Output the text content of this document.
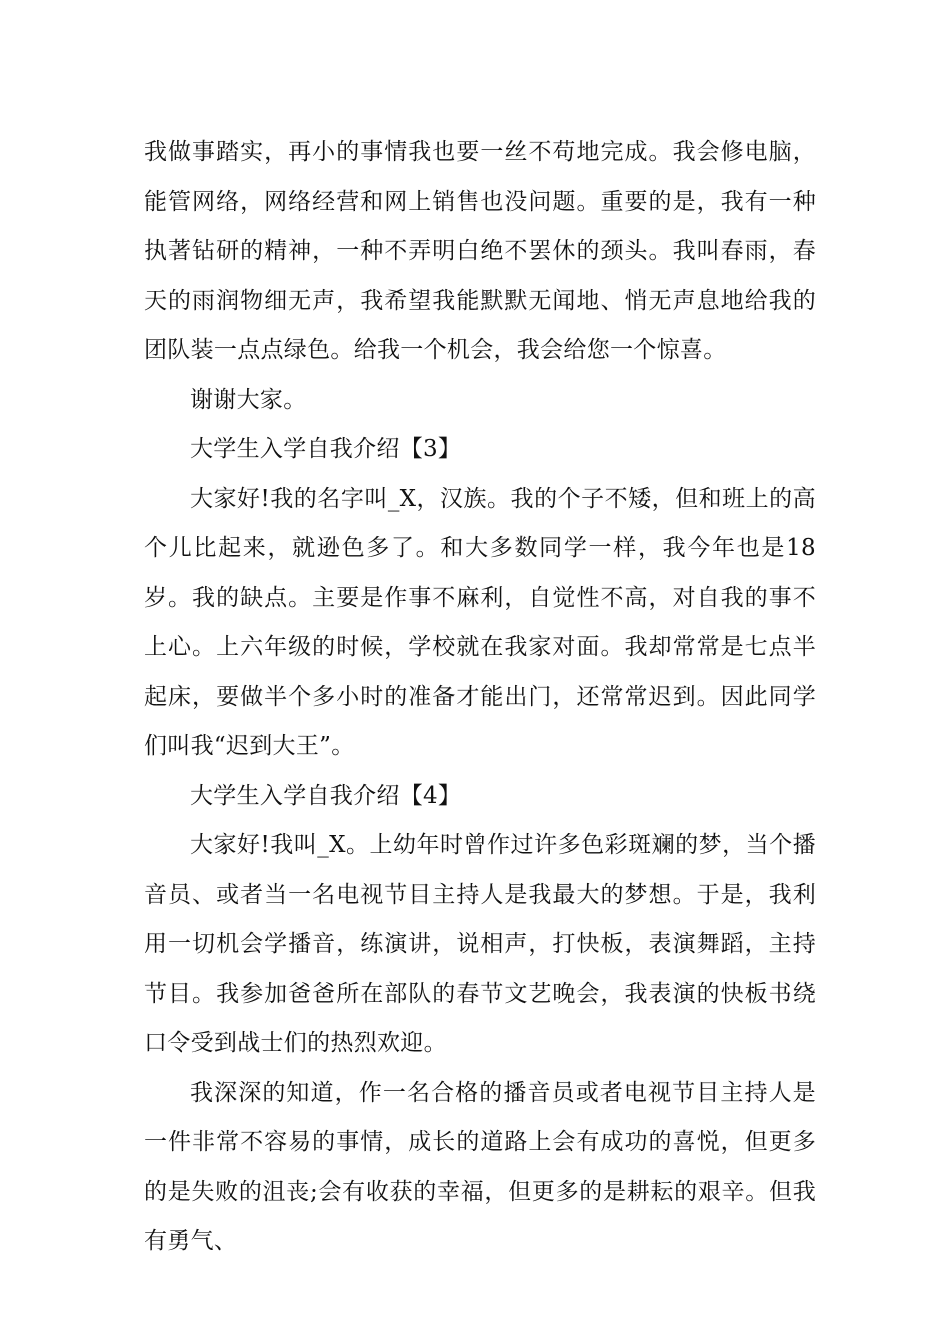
我做事踏实，再小的事情我也要一丝不苟地完成。我会修电脑，能管网络，网络经营和网上销售也没问题。重要的是，我有一种执著钻研的精神，一种不弄明白绝不罢休的颈头。我叫春雨，春天的雨润物细无声，我希望我能默默无闻地、悄无声息地给我的团队装一点点绿色。给我一个机会，我会给您一个惊喜。

谢谢大家。

大学生入学自我介绍【3】

大家好!我的名字叫_X，汉族。我的个子不矮，但和班上的高个儿比起来，就逊色多了。和大多数同学一样，我今年也是18岁。我的缺点。主要是作事不麻利，自觉性不高，对自我的事不上心。上六年级的时候，学校就在我家对面。我却常常是七点半起床，要做半个多小时的准备才能出门，还常常迟到。因此同学们叫我“迟到大王”。

大学生入学自我介绍【4】

大家好!我叫_X。上幼年时曾作过许多色彩斑斓的梦，当个播音员、或者当一名电视节目主持人是我最大的梦想。于是，我利用一切机会学播音，练演讲，说相声，打快板，表演舞蹈，主持节目。我参加爸爸所在部队的春节文艺晚会，我表演的快板书绕口令受到战士们的热烈欢迎。

我深深的知道，作一名合格的播音员或者电视节目主持人是一件非常不容易的事情，成长的道路上会有成功的喜悦，但更多的是失败的沮丧;会有收获的幸福，但更多的是耕耘的艰辛。但我有勇气、
